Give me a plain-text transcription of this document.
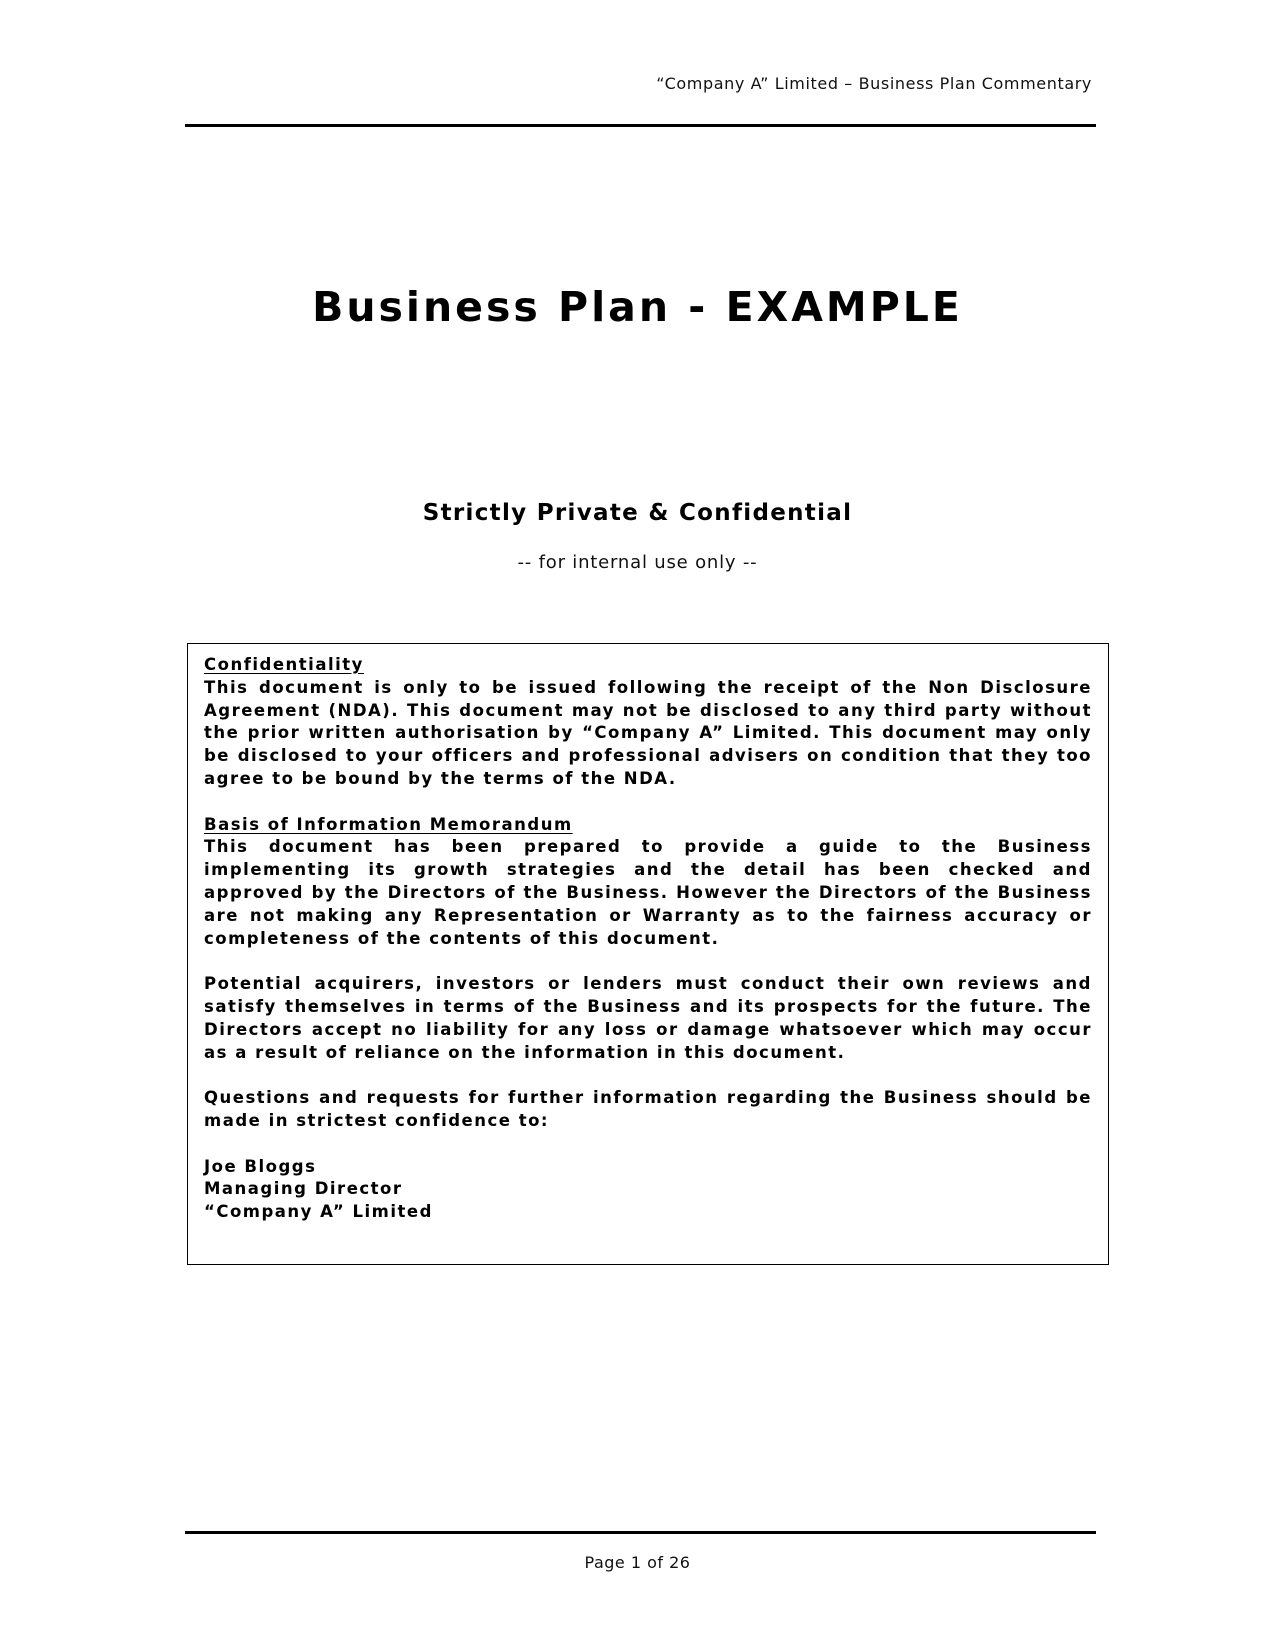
“Company A” Limited – Business Plan Commentary
Business Plan - EXAMPLE
Strictly Private & Confidential
-- for internal use only --
Confidentiality

This document is only to be issued following the receipt of the Non Disclosure Agreement (NDA). This document may not be disclosed to any third party without the prior written authorisation by “Company A” Limited. This document may only be disclosed to your officers and professional advisers on condition that they too agree to be bound by the terms of the NDA.

Basis of Information Memorandum

This document has been prepared to provide a guide to the Business implementing its growth strategies and the detail has been checked and approved by the Directors of the Business. However the Directors of the Business are not making any Representation or Warranty as to the fairness accuracy or completeness of the contents of this document.

Potential acquirers, investors or lenders must conduct their own reviews and satisfy themselves in terms of the Business and its prospects for the future. The Directors accept no liability for any loss or damage whatsoever which may occur as a result of reliance on the information in this document.

Questions and requests for further information regarding the Business should be made in strictest confidence to:

Joe Bloggs
Managing Director
“Company A” Limited
Page 1 of 26
